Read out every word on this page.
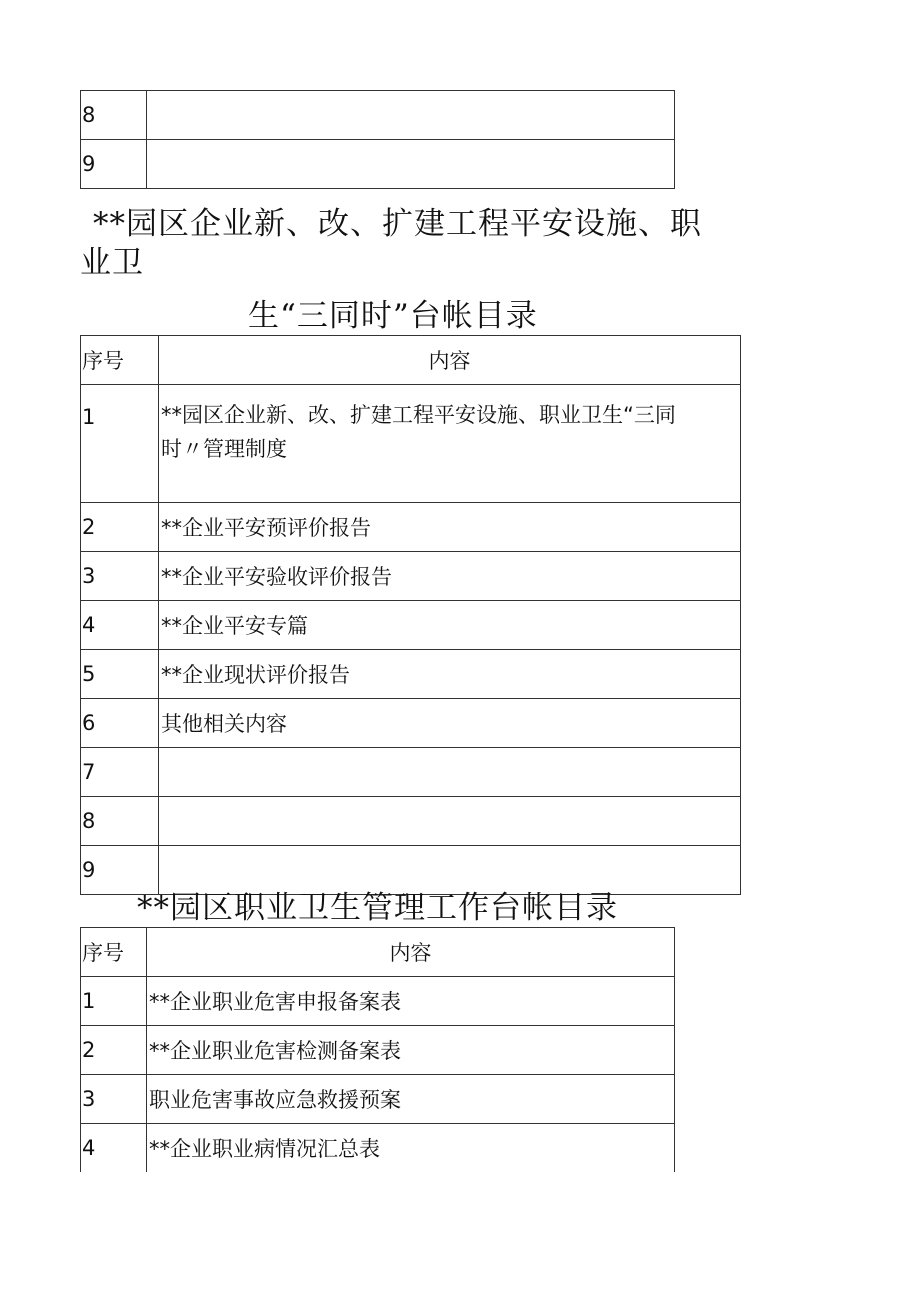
8	
9	
**园区企业新、改、扩建工程平安设施、职
业卫
生“三同时”台帐目录
序号	内容
1	**园区企业新、改、扩建工程平安设施、职业卫生“三同
时〃管理制度

2	**企业平安预评价报告
3	**企业平安验收评价报告
4	**企业平安专篇
5	**企业现状评价报告
6	其他相关内容
7	
8	
9	
**园区职业卫生管理工作台帐目录
序号	内容
1	**企业职业危害申报备案表
2	**企业职业危害检测备案表
3	职业危害事故应急救援预案
4	**企业职业病情况汇总表
